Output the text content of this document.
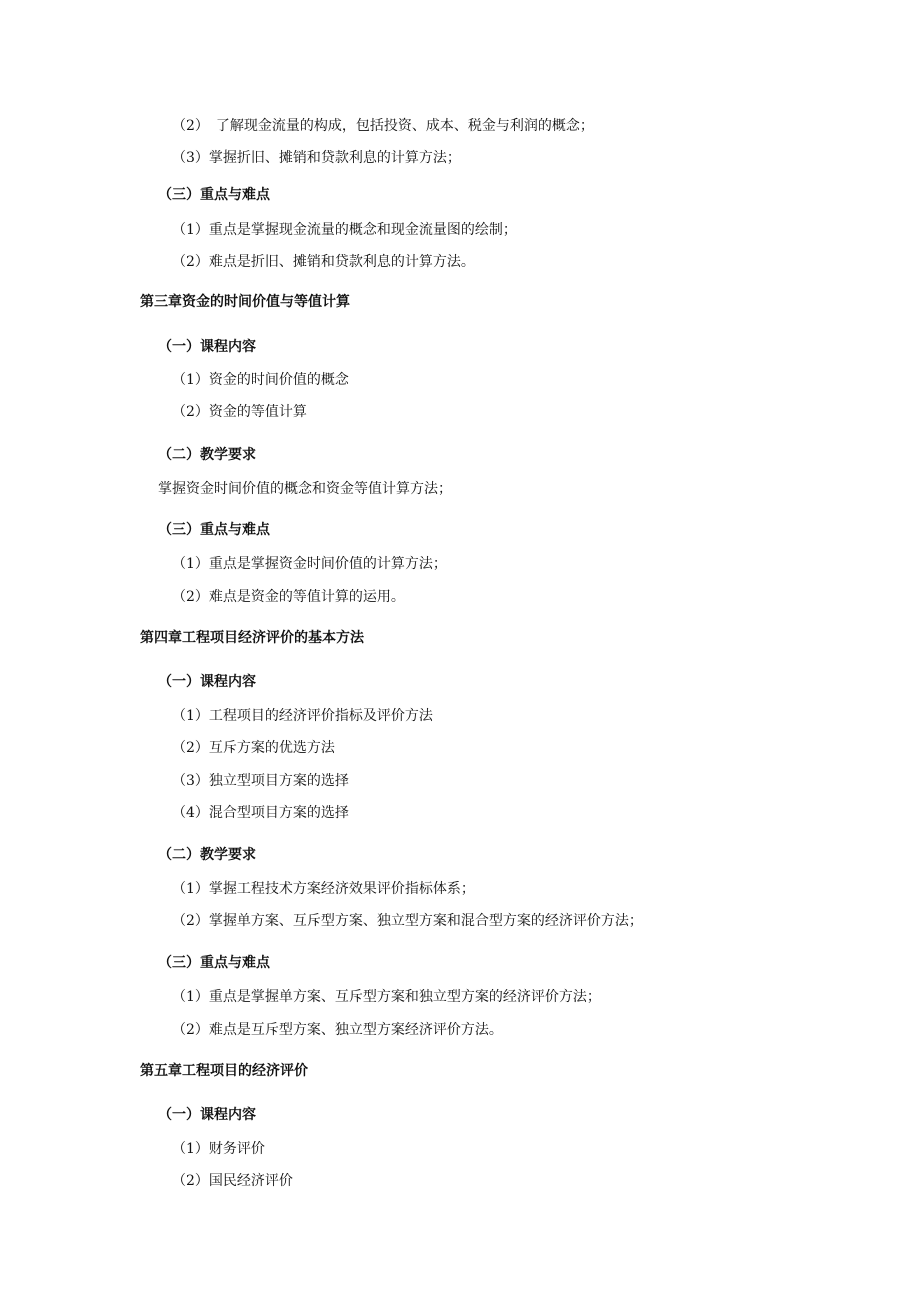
（2）　了解现金流量的构成，包括投资、成本、税金与利润的概念；
（3）掌握折旧、摊销和贷款利息的计算方法；
（三）重点与难点
（1）重点是掌握现金流量的概念和现金流量图的绘制；
（2）难点是折旧、摊销和贷款利息的计算方法。
第三章资金的时间价值与等值计算
（一）课程内容
（1）资金的时间价值的概念
（2）资金的等值计算
（二）教学要求
掌握资金时间价值的概念和资金等值计算方法；
（三）重点与难点
（1）重点是掌握资金时间价值的计算方法；
（2）难点是资金的等值计算的运用。
第四章工程项目经济评价的基本方法
（一）课程内容
（1）工程项目的经济评价指标及评价方法
（2）互斥方案的优选方法
（3）独立型项目方案的选择
（4）混合型项目方案的选择
（二）教学要求
（1）掌握工程技术方案经济效果评价指标体系；
（2）掌握单方案、互斥型方案、独立型方案和混合型方案的经济评价方法；
（三）重点与难点
（1）重点是掌握单方案、互斥型方案和独立型方案的经济评价方法；
（2）难点是互斥型方案、独立型方案经济评价方法。
第五章工程项目的经济评价
（一）课程内容
（1）财务评价
（2）国民经济评价
